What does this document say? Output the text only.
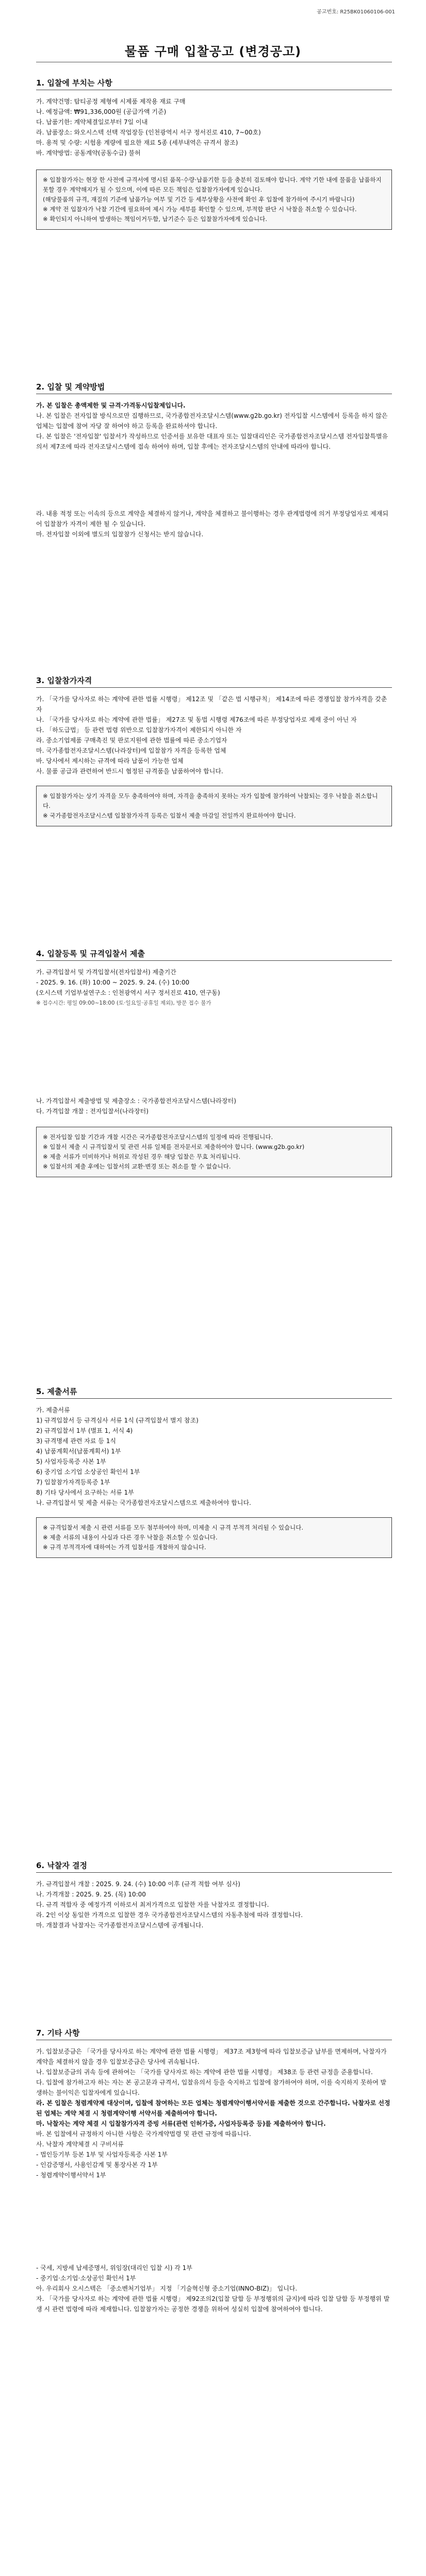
공고번호: R25BK01060106-001
물품 구매 입찰공고 (변경공고)
1. 입찰에 부치는 사항

가. 계약건명: 탑티공정 제형에 시제품 제작용 재료 구매

나. 예정금액: ₩91,336,000원 (공급가액 기준)

다. 납품기한: 계약체결일로부터 7일 이내

라. 납품장소: 와오시스텍 선택 작업장등 (인천광역시 서구 정서진로 410, 7~00호)

마. 용적 및 수량: 시험용 계량에 필요한 재료 5종 (세부내역은 규격서 참조)

바. 계약방법: 공동계약(공동수급) 불허

※ 입찰참가자는 현장 한 사전에 규격서에 명시된 품목·수량·납품기한 등을 충분히 검토해야 합니다. 계약 기한 내에 물품을 납품하지 못할 경우 계약해지가 될 수 있으며, 이에 따른 모든 책임은 입찰참가자에게 있습니다.

(해당물품의 규격, 재질의 기준에 납품가능 여부 및 기간 등 세부상황을 사전에 확인 후 입찰에 참가하여 주시기 바랍니다)

※ 계약 전 입찰자가 낙찰 기간에 필요하여 제시 가능 세부를 확인할 수 있으며, 부적합 판단 시 낙찰을 취소할 수 있습니다.

※ 확인되지 아니하여 발생하는 책임이거두함, 납기준수 등은 입찰참가자에게 있습니다.

2. 입찰 및 계약방법

가. 본 입찰은 총액제한 및 규격·가격동시입찰제입니다.

나. 본 입찰은 전자입찰 방식으로만 집행하므로, 국가종합전자조달시스템(www.g2b.go.kr) 전자입찰 시스템에서 등록을 하지 않은 업체는 입찰에 참여 자당 잘 하여야 하고 등록을 완료하셔야 합니다.

다. 본 입찰은 '전자입찰' 입찰서가 작성하므로 인증서를 보유한 대표자 또는 입찰대리인은 국가종합전자조달시스템 전자입찰특별유의서 제7조에 따라 전자조달시스템에 접속 하여야 하며, 입찰 후에는 전자조달시스템의 안내에 따라야 합니다.

라. 내용 적정 또는 이속의 등으로 계약을 체결하지 않거나, 계약을 체결하고 불이행하는 경우 관계법령에 의거 부정당업자로 제재되어 입찰참가 자격이 제한 될 수 있습니다.

마. 전자입찰 이외에 별도의 입찰참가 신청서는 받지 않습니다.

3. 입찰참가자격

가. 「국가를 당사자로 하는 계약에 관한 법률 시행령」 제12조 및 「같은 법 시행규칙」 제14조에 따른 경쟁입찰 참가자격을 갖춘 자

나. 「국가를 당사자로 하는 계약에 관한 법률」 제27조 및 동법 시행령 제76조에 따른 부정당업자로 제재 중이 아닌 자

다. 「하도급법」 등 관련 법령 위반으로 입찰참가자격이 제한되지 아니한 자

라. 중소기업제품 구매촉진 및 판로지원에 관한 법률에 따른 중소기업자

마. 국가종합전자조달시스템(나라장터)에 입찰참가 자격을 등록한 업체

바. 당사에서 제시하는 규격에 따라 납품이 가능한 업체

사. 물품 공급과 관련하여 반드시 협정된 규격품을 납품하여야 합니다.

※ 입찰참가자는 상기 자격을 모두 충족하여야 하며, 자격을 충족하지 못하는 자가 입찰에 참가하여 낙찰되는 경우 낙찰을 취소합니다.

※ 국가종합전자조달시스템 입찰참가자격 등록은 입찰서 제출 마감일 전일까지 완료하여야 합니다.

4. 입찰등록 및 규격입찰서 제출

가. 규격입찰서 및 가격입찰서(전자입찰서) 제출기간

- 2025. 9. 16. (화) 10:00 ~ 2025. 9. 24. (수) 10:00

(오시스텍 기업부설연구소 : 인천광역시 서구 정서진로 410, 연구동)

※ 접수시간: 평일 09:00~18:00 (토·일요일·공휴일 제외), 방문 접수 불가

나. 가격입찰서 제출방법 및 제출장소 : 국가종합전자조달시스템(나라장터)

다. 가격입찰 개찰 : 전자입찰서(나라장터)

※ 전자입찰 입찰 기간과 개찰 시간은 국가종합전자조달시스템의 일정에 따라 진행됩니다.

※ 입찰서 제출 시 규격입찰서 및 관련 서류 일체를 전자문서로 제출하여야 합니다. (www.g2b.go.kr)

※ 제출 서류가 미비하거나 허위로 작성된 경우 해당 입찰은 무효 처리됩니다.

※ 입찰서의 제출 후에는 입찰서의 교환·변경 또는 취소를 할 수 없습니다.

5. 제출서류

가. 제출서류

1) 규격입찰서 등 규격심사 서류 1식 (규격입찰서 별지 참조)

2) 규격입찰서 1부 (별표 1, 서식 4)

3) 규격명세 관련 자료 등 1식

4) 납품계획서(납품계획서) 1부

5) 사업자등록증 사본 1부

6) 중기업 소기업 소상공인 확인서 1부

7) 입찰참가자격등록증 1부

8) 기타 당사에서 요구하는 서류 1부

나. 규격입찰서 및 제출 서류는 국가종합전자조달시스템으로 제출하여야 합니다.

※ 규격입찰서 제출 시 관련 서류를 모두 첨부하여야 하며, 미제출 시 규격 부적격 처리될 수 있습니다.

※ 제출 서류의 내용이 사실과 다른 경우 낙찰을 취소할 수 있습니다.

※ 규격 부적격자에 대하여는 가격 입찰서를 개찰하지 않습니다.

6. 낙찰자 결정

가. 규격입찰서 개찰 : 2025. 9. 24. (수) 10:00 이후 (규격 적합 여부 심사)

나. 가격개찰 : 2025. 9. 25. (목) 10:00

다. 규격 적합자 중 예정가격 이하로서 최저가격으로 입찰한 자를 낙찰자로 결정합니다.

라. 2인 이상 동일한 가격으로 입찰한 경우 국가종합전자조달시스템의 자동추첨에 따라 결정합니다.

마. 개찰결과 낙찰자는 국가종합전자조달시스템에 공개됩니다.

7. 기타 사항

가. 입찰보증금은 「국가를 당사자로 하는 계약에 관한 법률 시행령」 제37조 제3항에 따라 입찰보증금 납부를 면제하며, 낙찰자가 계약을 체결하지 않을 경우 입찰보증금은 당사에 귀속됩니다.

나. 입찰보증금의 귀속 등에 관하여는 「국가를 당사자로 하는 계약에 관한 법률 시행령」 제38조 등 관련 규정을 준용합니다.

다. 입찰에 참가하고자 하는 자는 본 공고문과 규격서, 입찰유의서 등을 숙지하고 입찰에 참가하여야 하며, 이를 숙지하지 못하여 발생하는 불이익은 입찰자에게 있습니다.

라. 본 입찰은 청렴계약제 대상이며, 입찰에 참여하는 모든 업체는 청렴계약이행서약서를 제출한 것으로 간주합니다. 낙찰자로 선정된 업체는 계약 체결 시 청렴계약이행 서약서를 제출하여야 합니다.

마. 낙찰자는 계약 체결 시 입찰참가자격 증빙 서류(관련 인허가증, 사업자등록증 등)를 제출하여야 합니다.

바. 본 입찰에서 규정하지 아니한 사항은 국가계약법령 및 관련 규정에 따릅니다.

사. 낙찰자 계약체결 시 구비서류

- 법인등기부 등본 1부 및 사업자등록증 사본 1부

- 인감증명서, 사용인감계 및 통장사본 각 1부

- 청렴계약이행서약서 1부

- 국세, 지방세 납세증명서, 위임장(대리인 입찰 시) 각 1부

- 중기업·소기업·소상공인 확인서 1부

아. 우리회사 오시스텍은 「중소벤처기업부」 지정 「기술혁신형 중소기업(INNO-BIZ)」 입니다.

자. 「국가를 당사자로 하는 계약에 관한 법률 시행령」 제92조의2(입찰 담합 등 부정행위의 금지)에 따라 입찰 담합 등 부정행위 발생 시 관련 법령에 따라 제재합니다. 입찰참가자는 공정한 경쟁을 위하여 성실히 입찰에 참여하여야 합니다.
